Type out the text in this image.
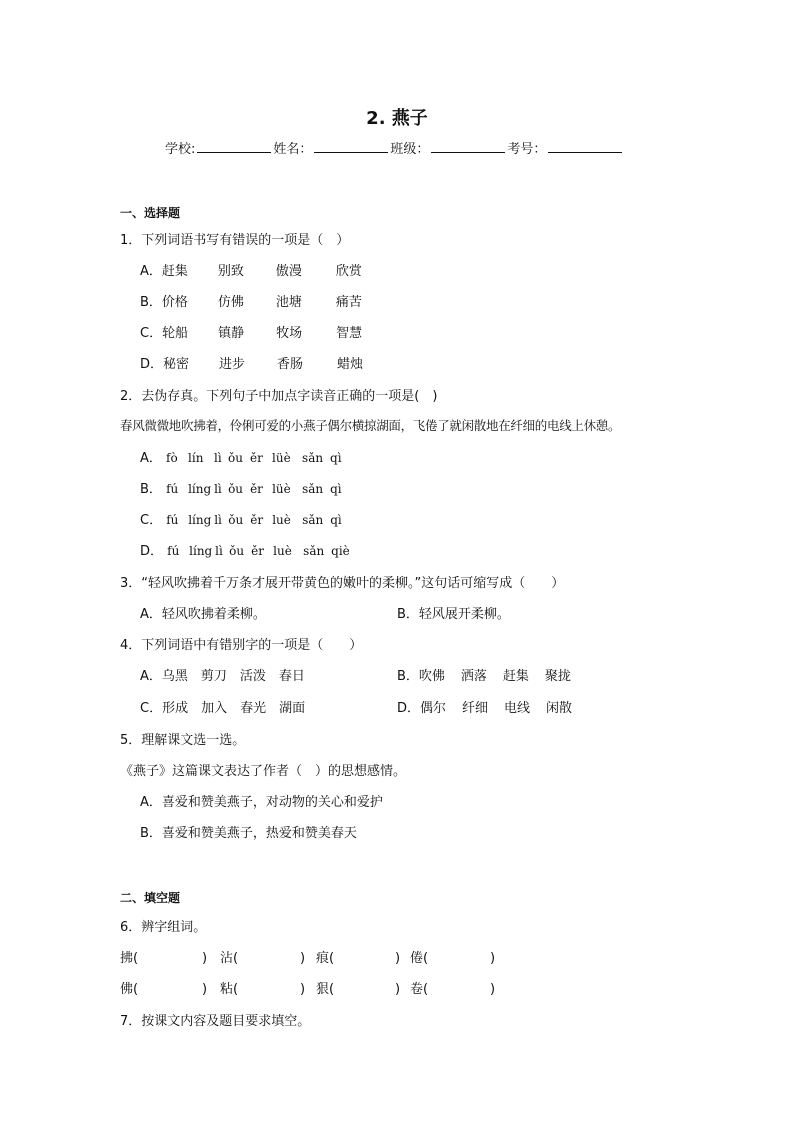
2. 燕子
学校:	姓名：	班级：	考号：
一、选择题
1．下列词语书写有错误的一项是（　）
A．赶集 别致 傲漫	欣赏
B．价格 仿佛 池塘	痛苦
C．轮船 镇静 牧场	智慧
D．秘密 进步 香肠	蜡烛
2．去伪存真。下列句子中加点字读音正确的一项是(　)
春风微微地吹拂着，伶俐可爱的小燕子偶尔横掠湖面，飞倦了就闲散地在纤细的电线上休憩。
A． fò lín lì ǒu ěr lüè sǎn qì
B． fú líng lì ǒu ěr lüè sǎn qì
C． fú líng lì ǒu ěr luè sǎn qì
D． fú líng lì ǒu ěr luè sǎn qiè
3．“轻风吹拂着千万条才展开带黄色的嫩叶的柔柳。”这句话可缩写成（　　）
A．轻风吹拂着柔柳。	B．轻风展开柔柳。
4．下列词语中有错别字的一项是（　　）
A．乌黑 剪刀 活泼 春日	B．吹佛 洒落 赶集 聚拢
C．形成 加入 春光 湖面	D．偶尔 纤细 电线 闲散
5．理解课文选一选。
《燕子》这篇课文表达了作者（　）的思想感情。
A．喜爱和赞美燕子，对动物的关心和爱护
B．喜爱和赞美燕子，热爱和赞美春天
二、填空题
6．辨字组词。
拂(	) 沾(	) 痕(	) 倦(	)
佛(	) 粘(	) 狠(	) 卷(	)
7．按课文内容及题目要求填空。
